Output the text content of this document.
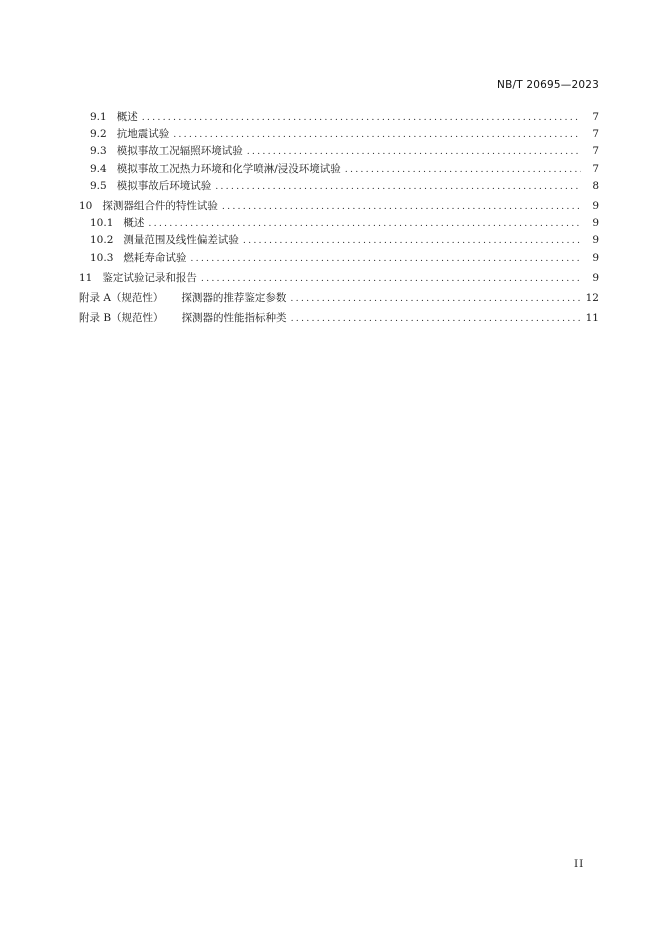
NB/T 20695—2023
9.1 概述 .....	7
9.2 抗地震试验 .....	7
9.3 模拟事故工况辐照环境试验 .....	7
9.4 模拟事故工况热力环境和化学喷淋/浸没环境试验 .....	7
9.5 模拟事故后环境试验 .....	8
10 探测器组合件的特性试验 .....	9
10.1 概述 .....	9
10.2 测量范围及线性偏差试验 .....	9
10.3 燃耗寿命试验 .....	9
11 鉴定试验记录和报告 .....	9
附录 A（规范性） 探测器的推荐鉴定参数 .....	12
附录 B（规范性） 探测器的性能指标种类 .....	11
II
